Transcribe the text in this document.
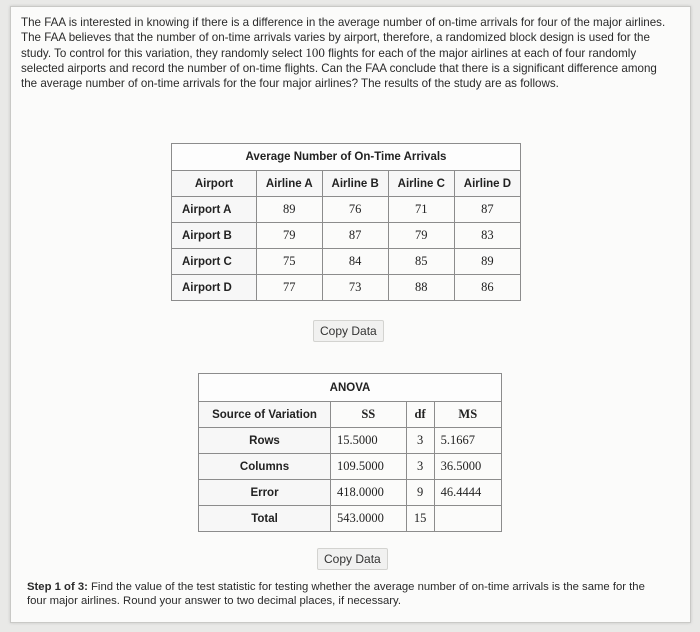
The FAA is interested in knowing if there is a difference in the average number of on-time arrivals for four of the major airlines. The FAA believes that the number of on-time arrivals varies by airport, therefore, a randomized block design is used for the study. To control for this variation, they randomly select 100 flights for each of the major airlines at each of four randomly selected airports and record the number of on-time flights. Can the FAA conclude that there is a significant difference among the average number of on-time arrivals for the four major airlines? The results of the study are as follows.
Average Number of On-Time Arrivals				
Airport	Airline A	Airline B	Airline C	Airline D
Airport A	89	76	71	87
Airport B	79	87	79	83
Airport C	75	84	85	89
Airport D	77	73	88	86
Copy Data
ANOVA			
Source of Variation	SS	df	MS
Rows	15.5000	3	5.1667
Columns	109.5000	3	36.5000
Error	418.0000	9	46.4444
Total	543.0000	15	
Copy Data
Step 1 of 3: Find the value of the test statistic for testing whether the average number of on-time arrivals is the same for the four major airlines. Round your answer to two decimal places, if necessary.
